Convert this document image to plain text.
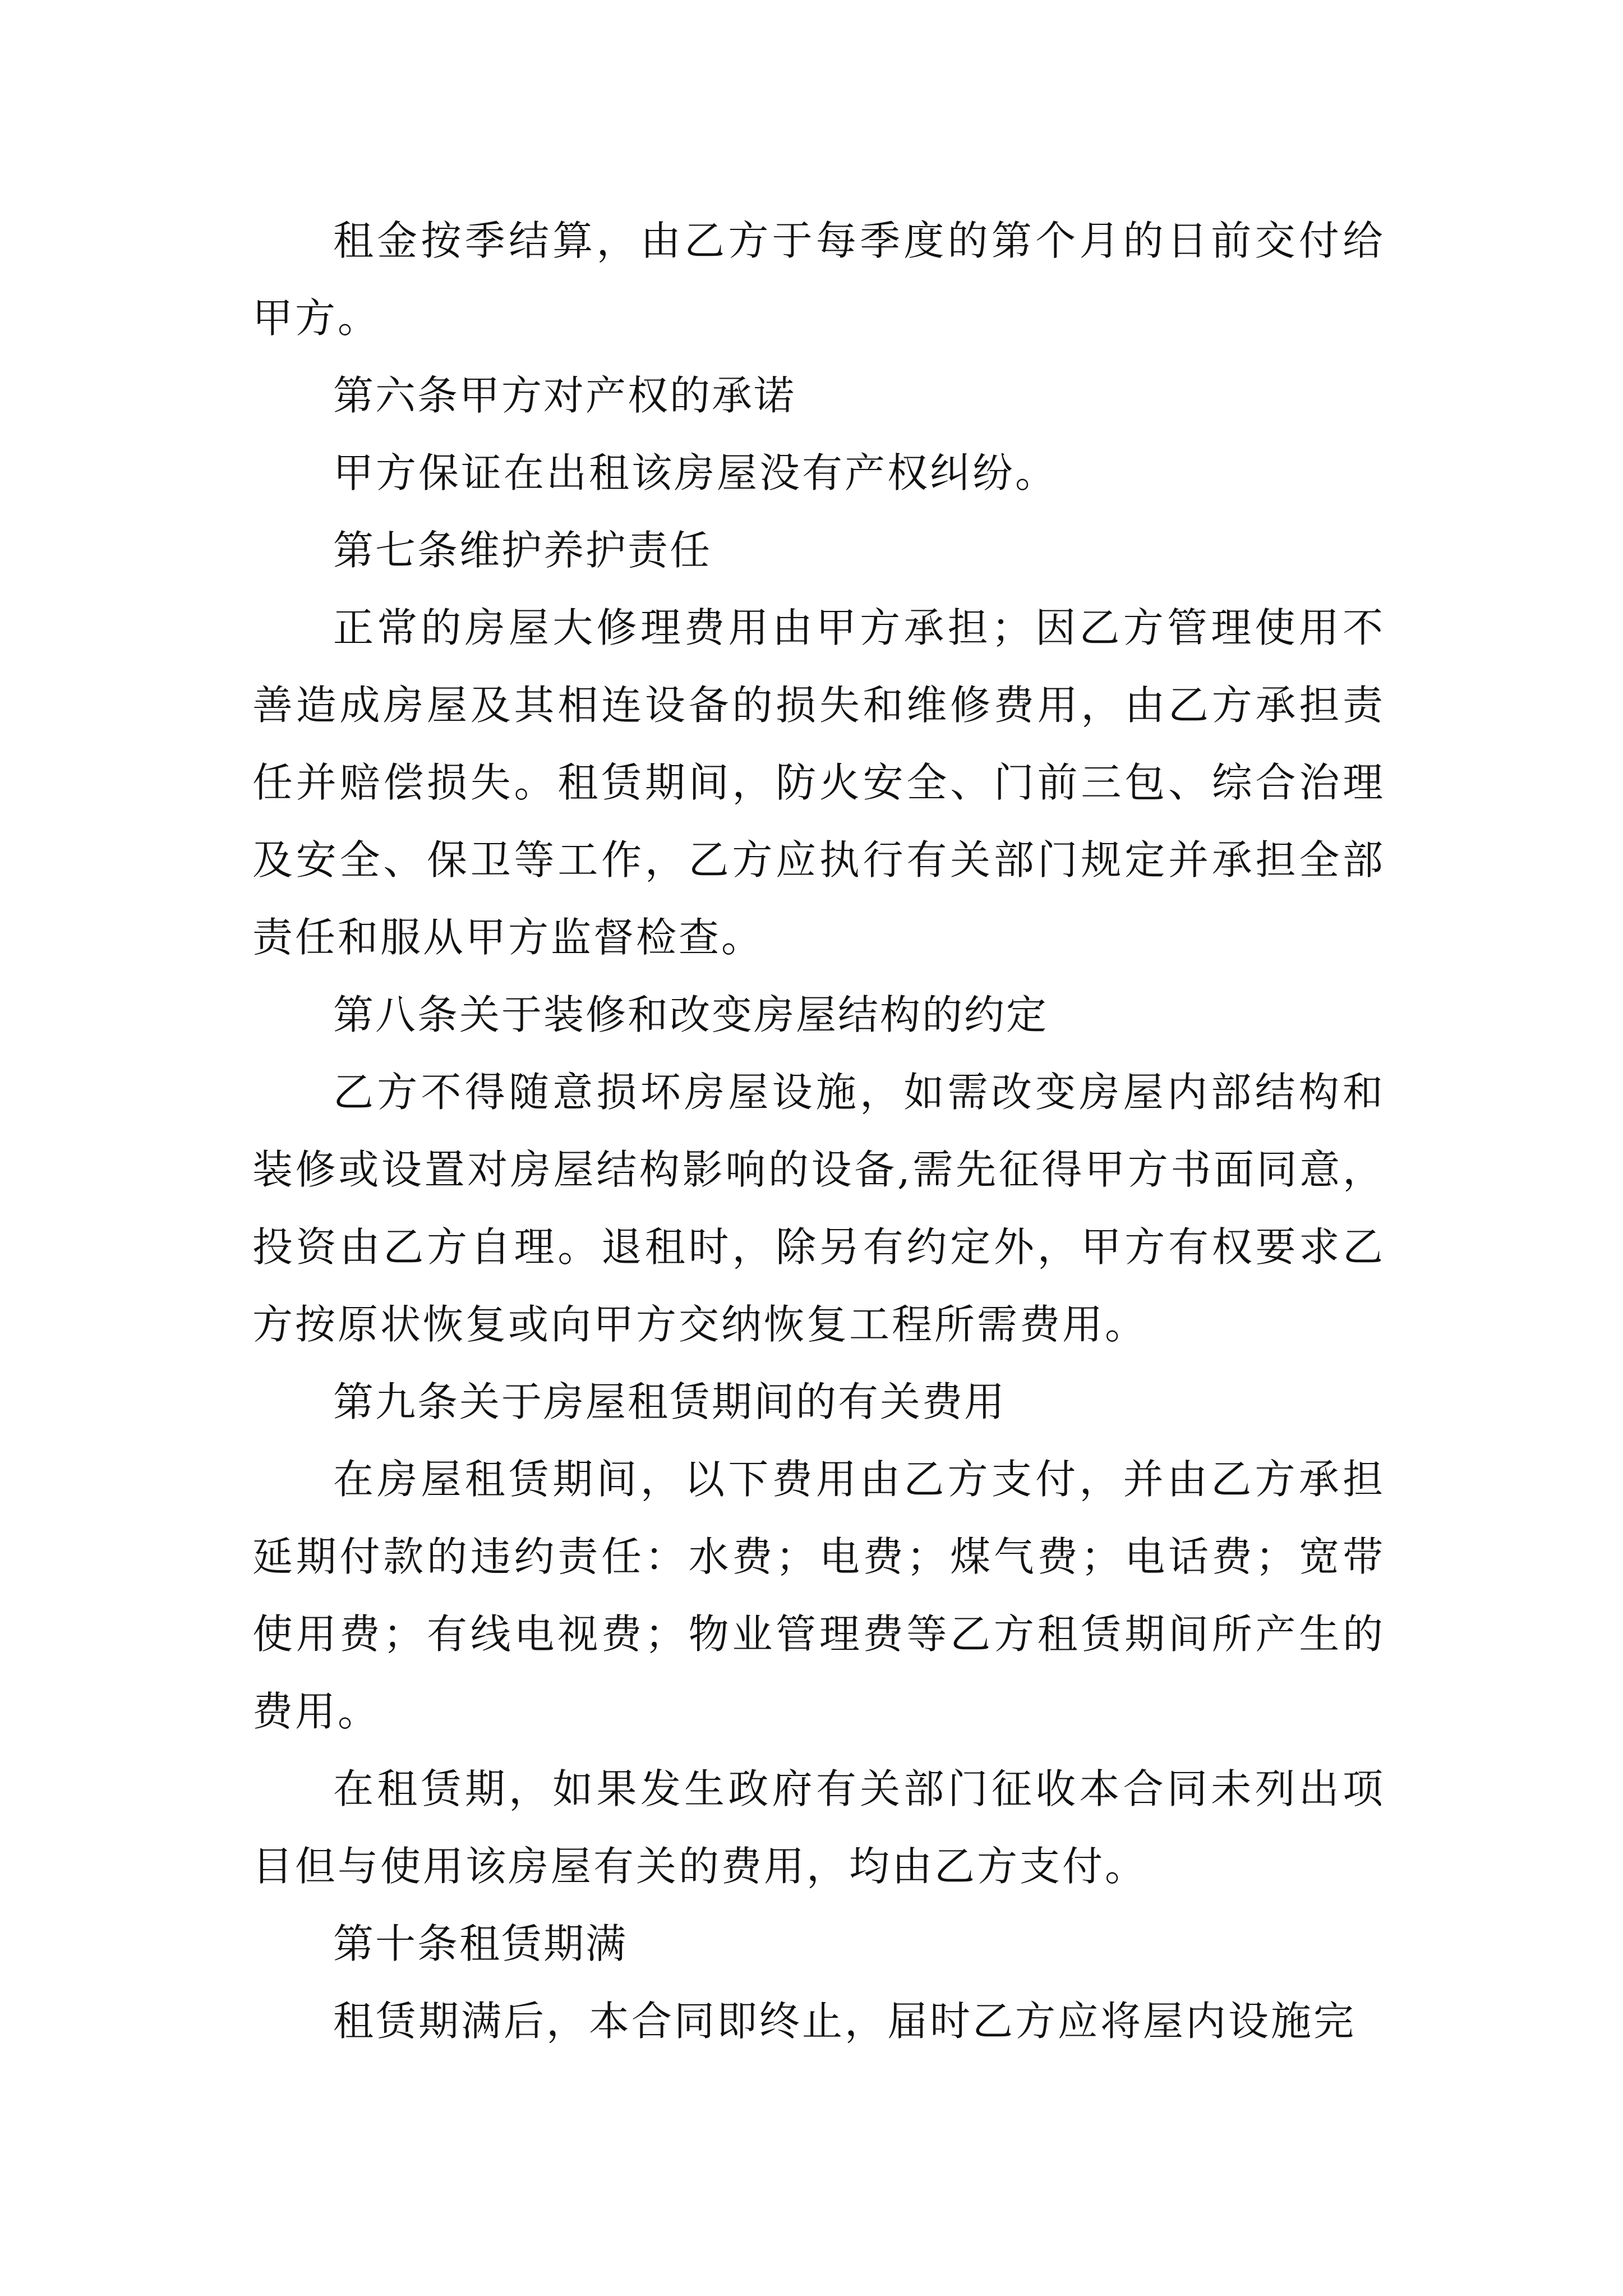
租金按季结算，由乙方于每季度的第个月的日前交付给甲方。

第六条甲方对产权的承诺

甲方保证在出租该房屋没有产权纠纷。

第七条维护养护责任

正常的房屋大修理费用由甲方承担；因乙方管理使用不善造成房屋及其相连设备的损失和维修费用，由乙方承担责任并赔偿损失。租赁期间，防火安全、门前三包、综合治理及安全、保卫等工作，乙方应执行有关部门规定并承担全部责任和服从甲方监督检查。

第八条关于装修和改变房屋结构的约定

乙方不得随意损坏房屋设施，如需改变房屋内部结构和装修或设置对房屋结构影响的设备,需先征得甲方书面同意，投资由乙方自理。退租时，除另有约定外，甲方有权要求乙方按原状恢复或向甲方交纳恢复工程所需费用。

第九条关于房屋租赁期间的有关费用

在房屋租赁期间，以下费用由乙方支付，并由乙方承担延期付款的违约责任：水费；电费；煤气费；电话费；宽带使用费；有线电视费；物业管理费等乙方租赁期间所产生的费用。

在租赁期，如果发生政府有关部门征收本合同未列出项目但与使用该房屋有关的费用，均由乙方支付。

第十条租赁期满

租赁期满后，本合同即终止，届时乙方应将屋内设施完
